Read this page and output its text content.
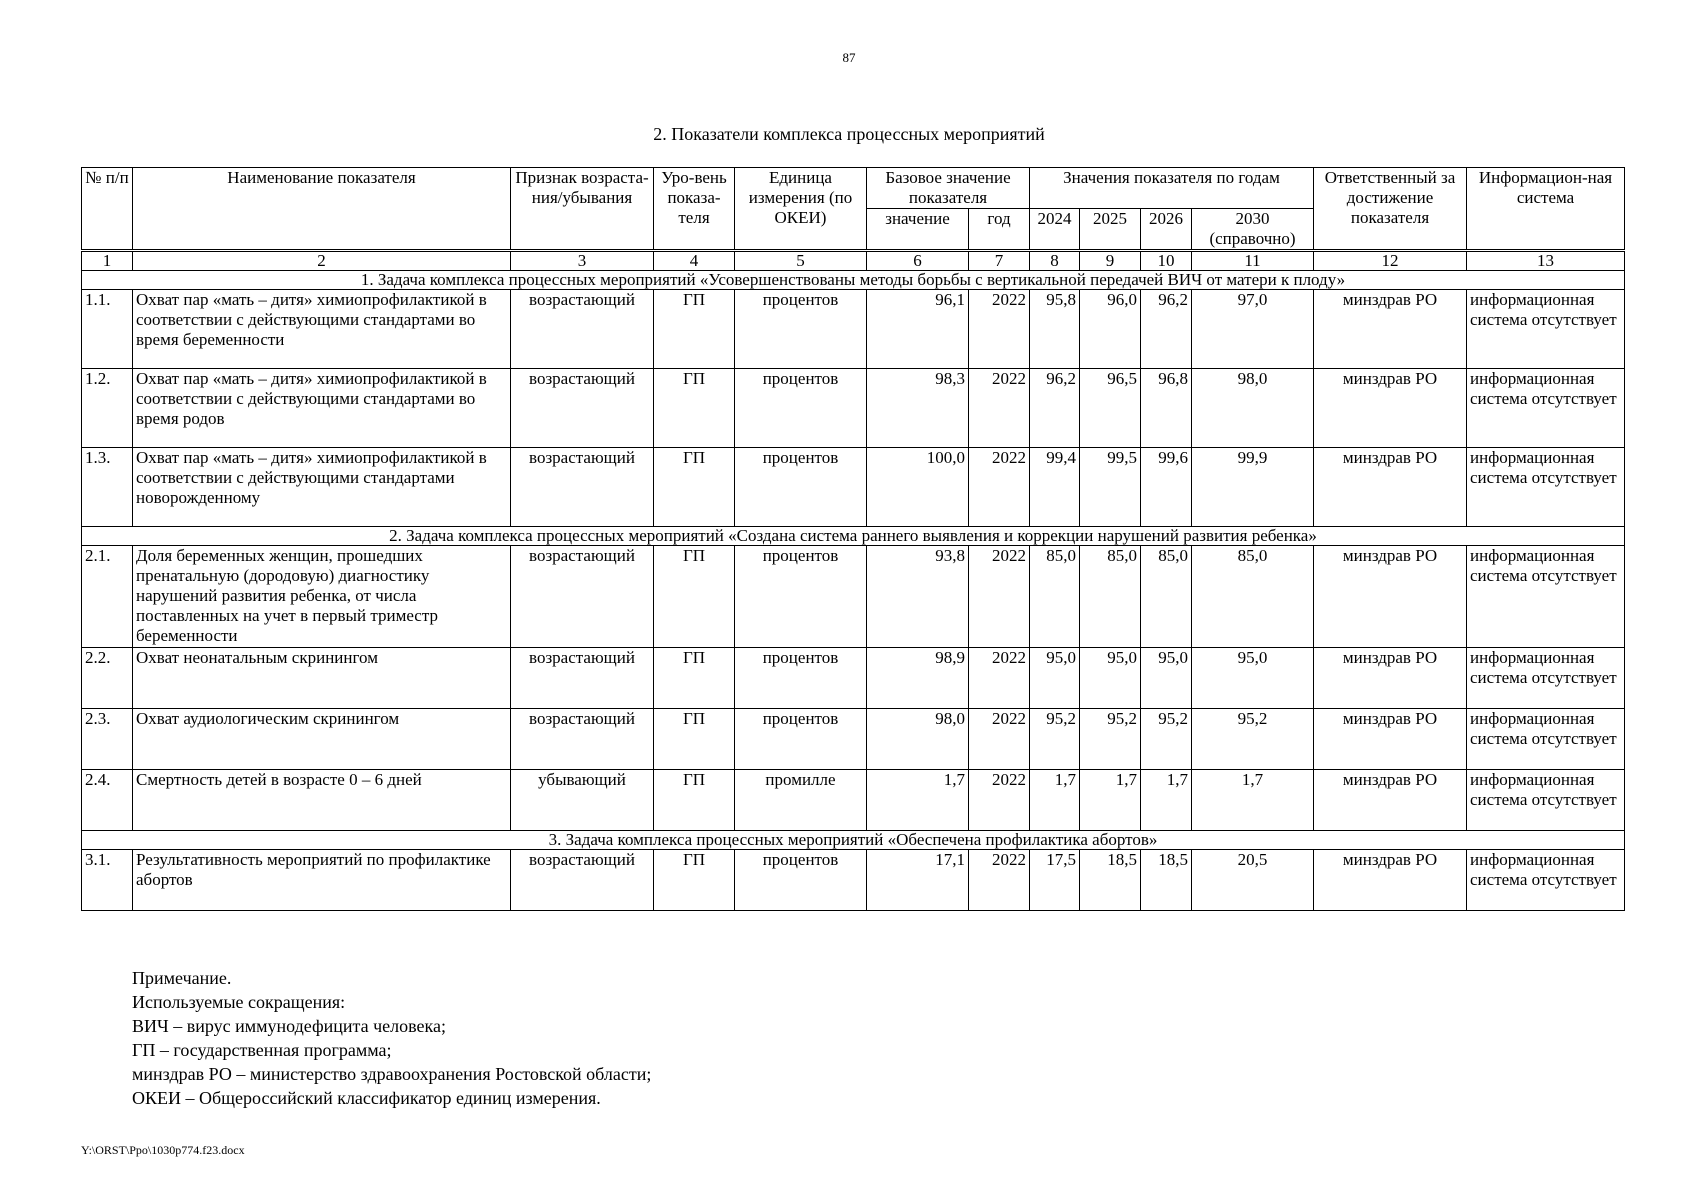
87
2. Показатели комплекса процессных мероприятий
№ п/п	Наименование показателя	Признак возраста-ния/убывания	Уро-вень показа-теля	Единица измерения (по ОКЕИ)	Базовое значение показателя		Значения показателя по годам				Ответственный за достижение показателя	Информацион-ная система
					значение	год	2024	2025	2026	2030 (справочно)		
1	2	3	4	5	6	7	8	9	10	11	12	13
1. Задача комплекса процессных мероприятий «Усовершенствованы методы борьбы с вертикальной передачей ВИЧ от матери к плоду»												
1.1.	Охват пар «мать – дитя» химиопрофилактикой в соответствии с действующими стандартами во время беременности	возрастающий	ГП	процентов	96,1	2022	95,8	96,0	96,2	97,0	минздрав РО	информационная система отсутствует
1.2.	Охват пар «мать – дитя» химиопрофилактикой в соответствии с действующими стандартами во время родов	возрастающий	ГП	процентов	98,3	2022	96,2	96,5	96,8	98,0	минздрав РО	информационная система отсутствует
1.3.	Охват пар «мать – дитя» химиопрофилактикой в соответствии с действующими стандартами новорожденному	возрастающий	ГП	процентов	100,0	2022	99,4	99,5	99,6	99,9	минздрав РО	информационная система отсутствует
2. Задача комплекса процессных мероприятий «Создана система раннего выявления и коррекции нарушений развития ребенка»												
2.1.	Доля беременных женщин, прошедших пренатальную (дородовую) диагностику нарушений развития ребенка, от числа поставленных на учет в первый триместр беременности	возрастающий	ГП	процентов	93,8	2022	85,0	85,0	85,0	85,0	минздрав РО	информационная система отсутствует
2.2.	Охват неонатальным скринингом	возрастающий	ГП	процентов	98,9	2022	95,0	95,0	95,0	95,0	минздрав РО	информационная система отсутствует
2.3.	Охват аудиологическим скринингом	возрастающий	ГП	процентов	98,0	2022	95,2	95,2	95,2	95,2	минздрав РО	информационная система отсутствует
2.4.	Смертность детей в возрасте 0 – 6 дней	убывающий	ГП	промилле	1,7	2022	1,7	1,7	1,7	1,7	минздрав РО	информационная система отсутствует
3. Задача комплекса процессных мероприятий «Обеспечена профилактика абортов»												
3.1.	Результативность мероприятий по профилактике абортов	возрастающий	ГП	процентов	17,1	2022	17,5	18,5	18,5	20,5	минздрав РО	информационная система отсутствует
Примечание.
Используемые сокращения:
ВИЧ – вирус иммунодефицита человека;
ГП – государственная программа;
минздрав РО – министерство здравоохранения Ростовской области;
ОКЕИ – Общероссийский классификатор единиц измерения.
Y:\ORST\Ppo\1030p774.f23.docx
